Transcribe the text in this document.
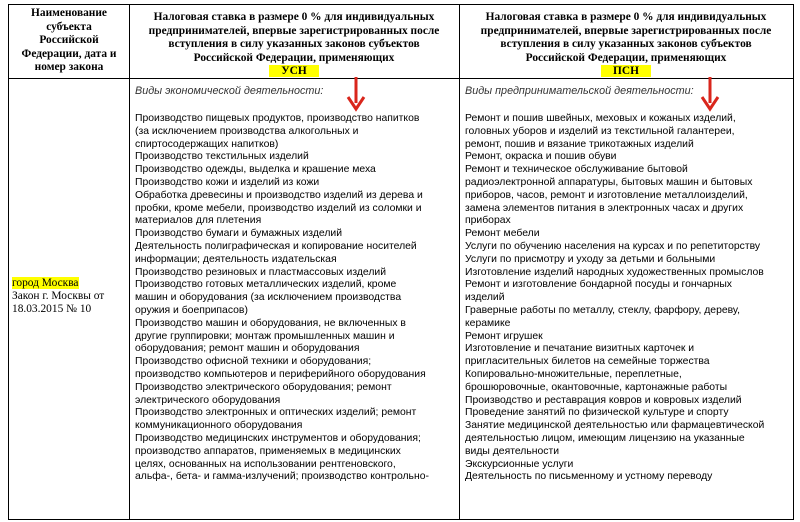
Наименование
субъекта
Российской
Федерации, дата и
номер закона
Налоговая ставка в размере 0 % для индивидуальных
предпринимателей, впервые зарегистрированных после
вступления в силу указанных законов субъектов
Российской Федерации, применяющих
УСН
Налоговая ставка в размере 0 % для индивидуальных
предпринимателей, впервые зарегистрированных после
вступления в силу указанных законов субъектов
Российской Федерации, применяющих
ПСН
город Москва
Закон г. Москвы от
18.03.2015 № 10
Виды экономической деятельности:
Производство пищевых продуктов, производство напитков
(за исключением производства алкогольных и
спиртосодержащих напитков)
Производство текстильных изделий
Производство одежды, выделка и крашение меха
Производство кожи и изделий из кожи
Обработка древесины и производство изделий из дерева и
пробки, кроме мебели, производство изделий из соломки и
материалов для плетения
Производство бумаги и бумажных изделий
Деятельность полиграфическая и копирование носителей
информации; деятельность издательская
Производство резиновых и пластмассовых изделий
Производство готовых металлических изделий, кроме
машин и оборудования (за исключением производства
оружия и боеприпасов)
Производство машин и оборудования, не включенных в
другие группировки; монтаж промышленных машин и
оборудования; ремонт машин и оборудования
Производство офисной техники и оборудования;
производство компьютеров и периферийного оборудования
Производство электрического оборудования; ремонт
электрического оборудования
Производство электронных и оптических изделий; ремонт
коммуникационного оборудования
Производство медицинских инструментов и оборудования;
производство аппаратов, применяемых в медицинских
целях, основанных на использовании рентгеновского,
альфа-, бета- и гамма-излучений; производство контрольно-
Виды предпринимательской деятельности:
Ремонт и пошив швейных, меховых и кожаных изделий,
головных уборов и изделий из текстильной галантереи,
ремонт, пошив и вязание трикотажных изделий
Ремонт, окраска и пошив обуви
Ремонт и техническое обслуживание бытовой
радиоэлектронной аппаратуры, бытовых машин и бытовых
приборов, часов, ремонт и изготовление металлоизделий,
замена элементов питания в электронных часах и других
приборах
Ремонт мебели
Услуги по обучению населения на курсах и по репетиторству
Услуги по присмотру и уходу за детьми и больными
Изготовление изделий народных художественных промыслов
Ремонт и изготовление бондарной посуды и гончарных
изделий
Граверные работы по металлу, стеклу, фарфору, дереву,
керамике
Ремонт игрушек
Изготовление и печатание визитных карточек и
пригласительных билетов на семейные торжества
Копировально-множительные, переплетные,
брошюровочные, окантовочные, картонажные работы
Производство и реставрация ковров и ковровых изделий
Проведение занятий по физической культуре и спорту
Занятие медицинской деятельностью или фармацевтической
деятельностью лицом, имеющим лицензию на указанные
виды деятельности
Экскурсионные услуги
Деятельность по письменному и устному переводу
